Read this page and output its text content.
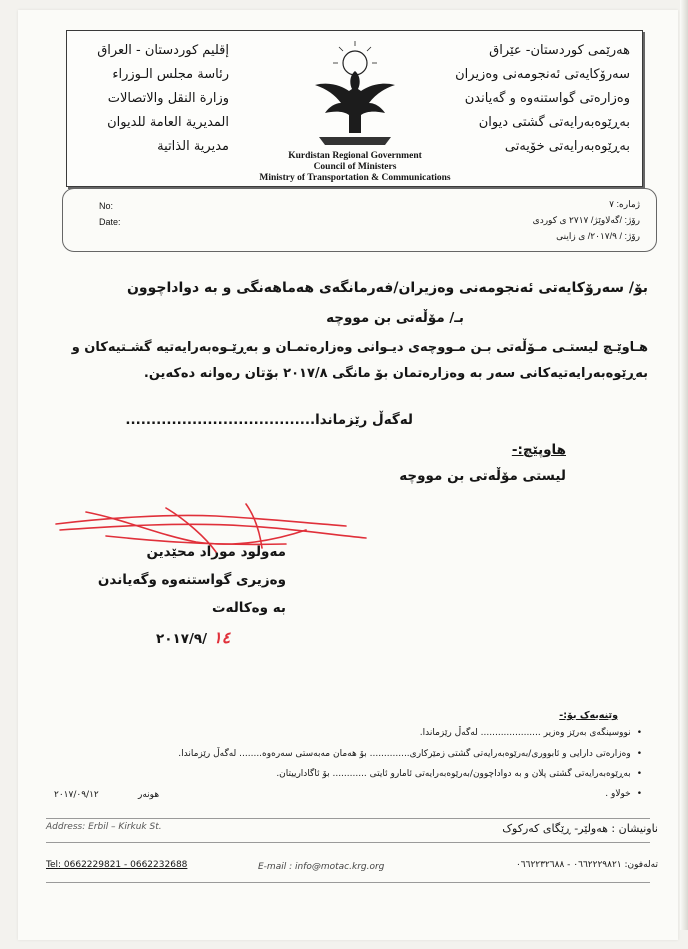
هەرێمی کوردستان- عێراق
سەرۆکایەتی ئەنجومەنی وەزیران
وەزارەتی گواستنەوە و گەیاندن
بەڕێوەبەرایەتی گشتی دیوان
بەڕێوەبەرایەتی خۆیەتی
إقليم كوردستان - العراق
رئاسة مجلس الـوزراء
وزارة النقل والاتصالات
المديرية العامة للديوان
مديرية الذاتية
Kurdistan Regional Government
Council of Ministers
Ministry of Transportation & Communications
No:
Date:
ژمارە: ٧
رۆژ: /گەلاوێژ/ ٢٧١٧ ی کوردی
رۆژ: / ٢٠١٧/٩/ ی زاینی
بۆ/ سەرۆکایەتی ئەنجومەنی وەزیران/فەرمانگەی هەماهەنگی و بە دواداچوون
بـ/ مۆڵەتی بن مووچە
هـاوێـچ لیستـی مـۆڵەتی بـن مـووچەی دیـوانی وەزارەتمـان و بەڕێـوەبەرایەتیە گشـتیەکان و
بەڕێوەبەرایەتیەکانی سەر بە وەزارەتمان بۆ مانگی ٢٠١٧/٨ بۆتان رەوانە دەکەین.
لەگەڵ رێزماندا.....................................
هاوپێچ:-
لیستی مۆڵەتی بن مووچە
مەولود موراد محێدین
وەزیری گواستنەوە وگەیاندن
بە وەکالەت
٢٠١٧/٩/ ١٤
وێنەیەک بۆ:-
• نووسینگەی بەرێز وەزیر ..................... لەگەڵ رێزماندا.
• وەزارەتی دارایی و ئابووری/بەرێوەبەرایەتی گشتی زمێرکاری.............. بۆ هەمان مەبەستی سەرەوە........ لەگەڵ رێزماندا.
• بەڕێوەبەرایەتی گشتی پلان و بە دواداچوون/بەرێوەبەرایەتی ئامارو ئایتی ............ بۆ ئاگادارییتان.
• خولاو .
هونەر
٢٠١٧/٠٩/١٢
Address: Erbil – Kirkuk St.	ناونیشان : هەولێر- ڕێگای کەرکوک
Tel: 0662229821 - 0662232688	E-mail : info@motac.krg.org	تەلەفون: ٠٦٦٢٢٢٩٨٢١ - ٠٦٦٢٢٣٢٦٨٨
